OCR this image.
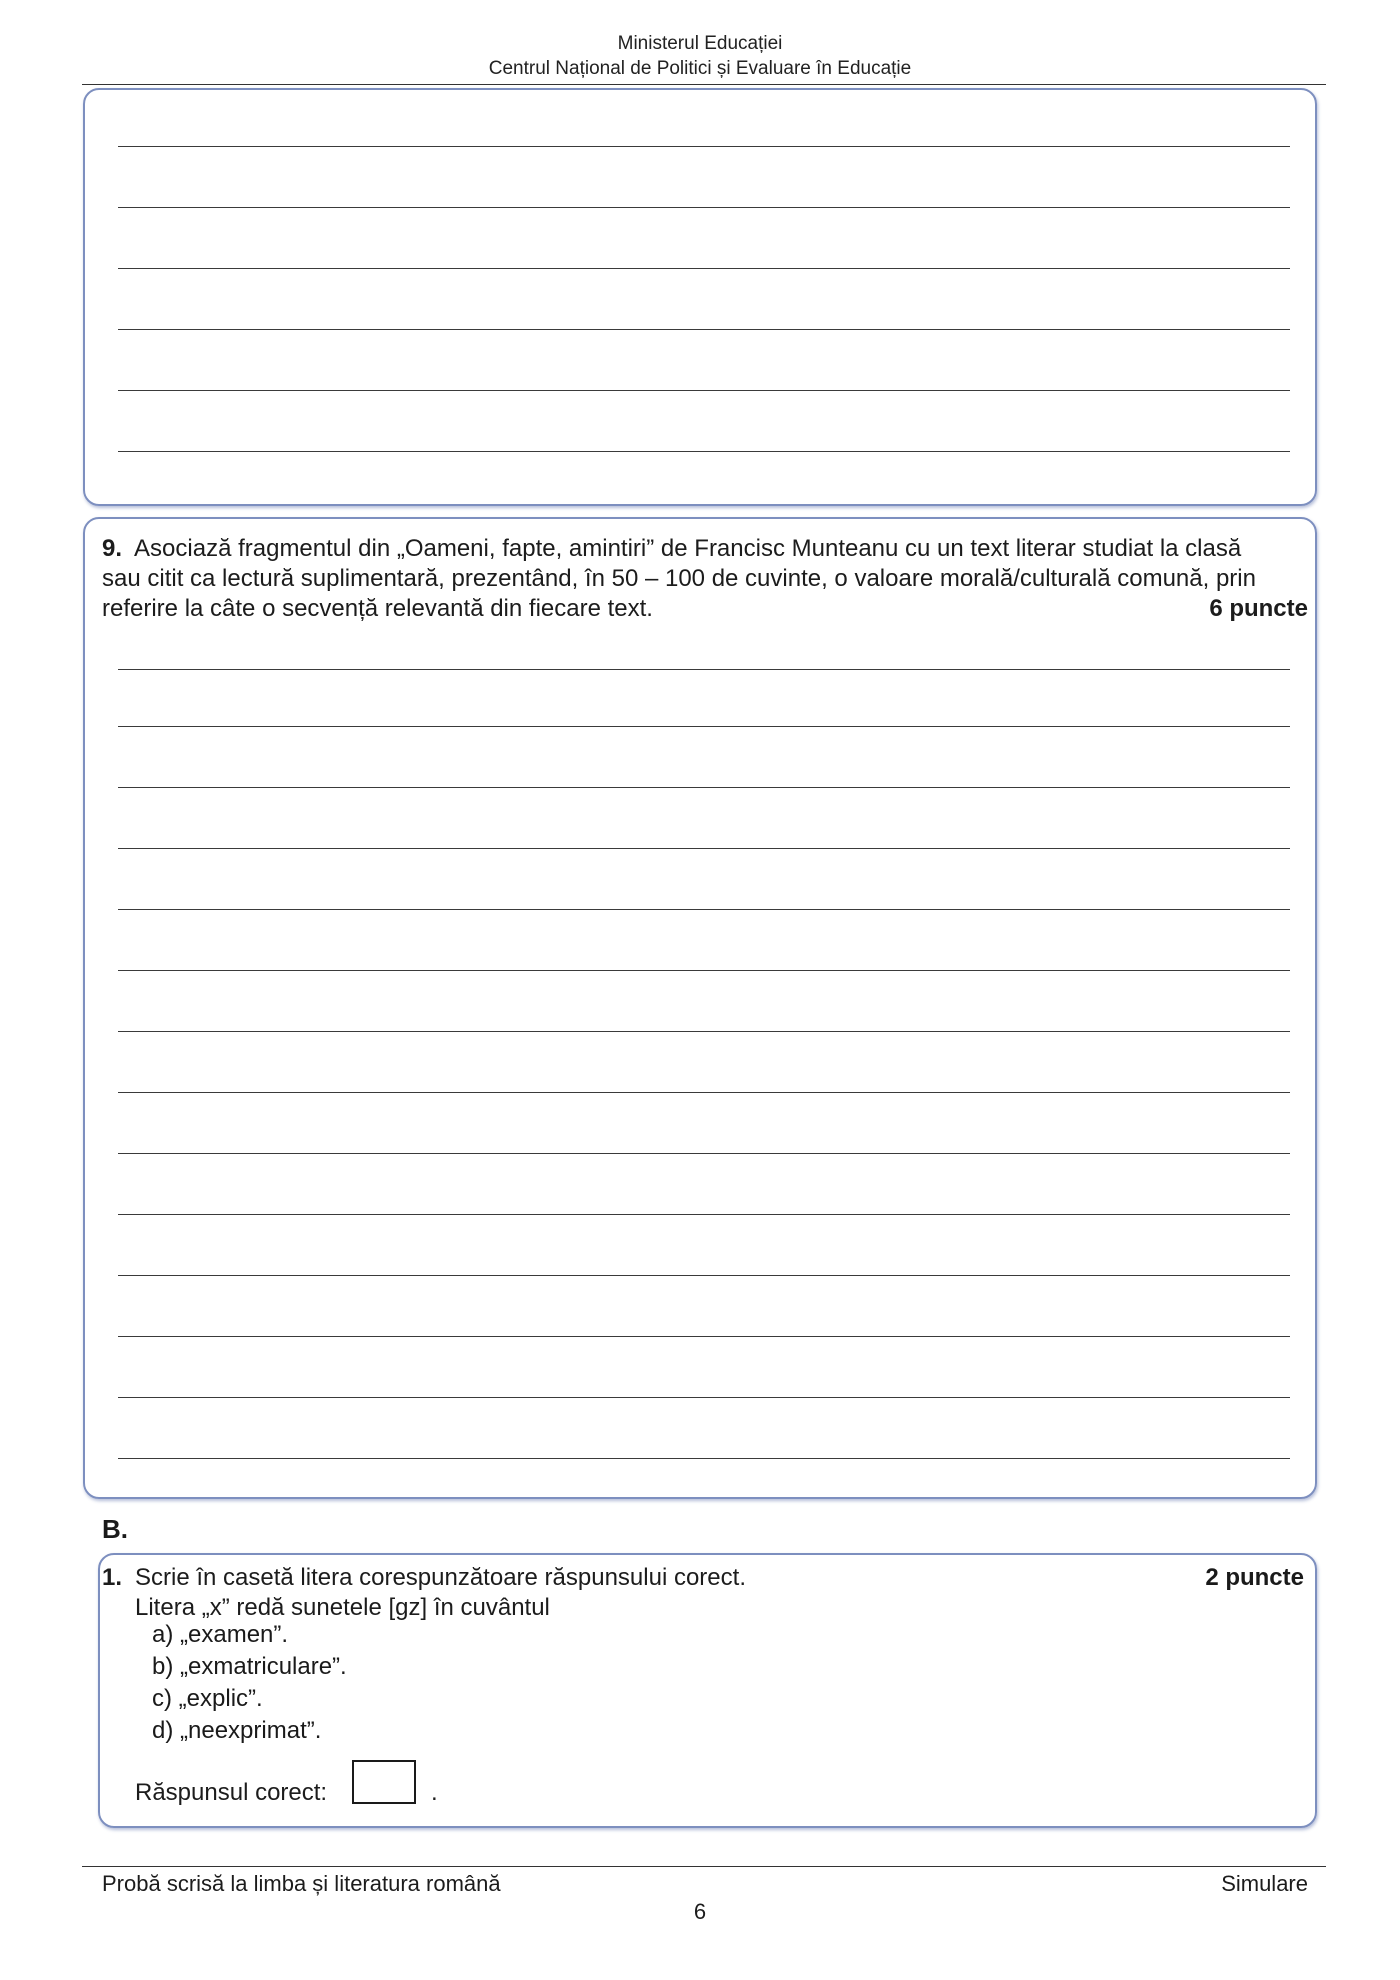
Ministerul Educației
Centrul Național de Politici și Evaluare în Educație
9. Asociază fragmentul din „Oameni, fapte, amintiri” de Francisc Munteanu cu un text literar studiat la clasă
sau citit ca lectură suplimentară, prezentând, în 50 – 100 de cuvinte, o valoare morală/culturală comună, prin
referire la câte o secvență relevantă din fiecare text.	6 puncte
B.
1. Scrie în casetă litera corespunzătoare răspunsului corect.	2 puncte
Litera „x” redă sunetele [gz] în cuvântul
a) „examen”.
b) „exmatriculare”.
c) „explic”.
d) „neexprimat”.
Răspunsul corect:	.
Probă scrisă la limba și literatura română	Simulare
6
